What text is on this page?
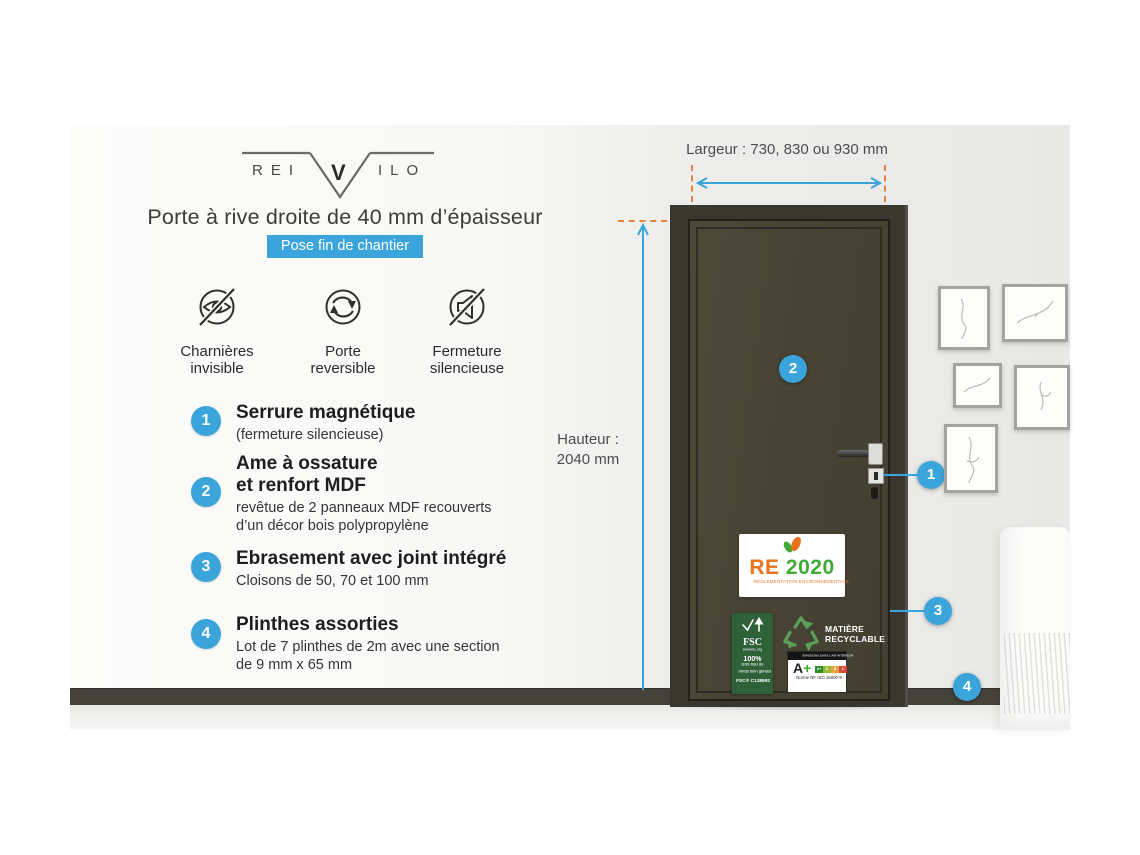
REI V ILO
Porte à rive droite de 40 mm d’épaisseur
Pose fin de chantier
Charnières
invisible
Porte
reversible
Fermeture
silencieuse
1	Serrure magnétique
(fermeture silencieuse)
2
Ame à ossature
et renfort MDF
revêtue de 2 panneaux MDF recouverts
d’un décor bois polypropylène
3	Ebrasement avec joint intégré
Cloisons de 50, 70 et 100 mm
4	Plinthes assorties
Lot de 7 plinthes de 2m avec une section
de 9 mm x 65 mm
Largeur : 730, 830 ou 930 mm
Hauteur :
2040 mm
RE 2020
RÉGLEMENTATION ENVIRONNEMENTALE
FSC
www.fsc.org
100%
Bois issu de
forêts bien gérées
FSC® C138992
MATIÈRE
RECYCLABLE
ÉMISSIONS DANS L’AIR INTÉRIEUR
A+ A+ A B C
Norme NF ISO 16000-9
2
1
3
4
